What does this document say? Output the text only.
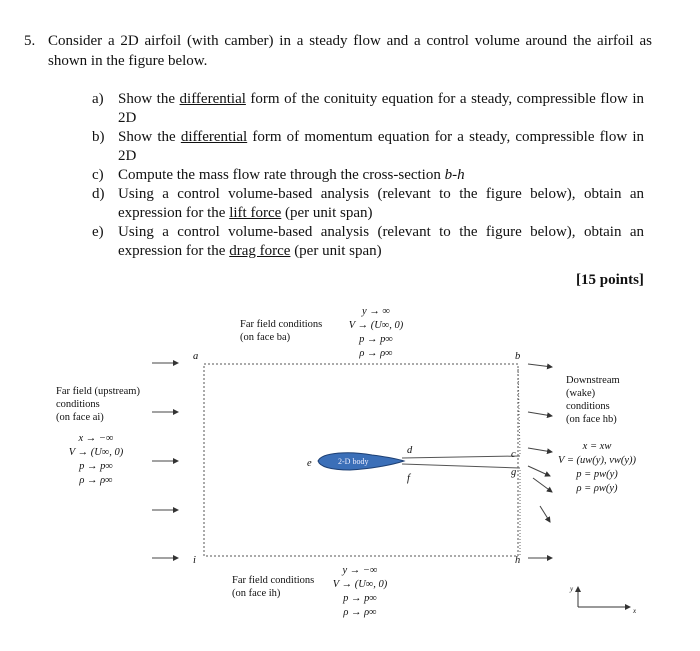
5. Consider a 2D airfoil (with camber) in a steady flow and a control volume around the airfoil as shown in the figure below.
a) Show the differential form of the conituity equation for a steady, compressible flow in 2D
b) Show the differential form of momentum equation for a steady, compressible flow in 2D
c) Compute the mass flow rate through the cross-section b-h
d) Using a control volume-based analysis (relevant to the figure below), obtain an expression for the lift force (per unit span)
e) Using a control volume-based analysis (relevant to the figure below), obtain an expression for the drag force (per unit span)
[15 points]
2-D body
a	b
c
d
e
f
g
h
i
Far field conditions
(on face ba)
y → ∞
V → (U∞, 0)
p → p∞
ρ → ρ∞
Far field (upstream)
conditions
(on face ai)
x → −∞
V → (U∞, 0)
p → p∞
ρ → ρ∞
Downstream
(wake)
conditions
(on face hb)
x = xw
V = (uw(y), vw(y))
p = pw(y)
ρ = ρw(y)
Far field conditions
(on face ih)
y → −∞
V → (U∞, 0)
p → p∞
ρ → ρ∞
y
x
